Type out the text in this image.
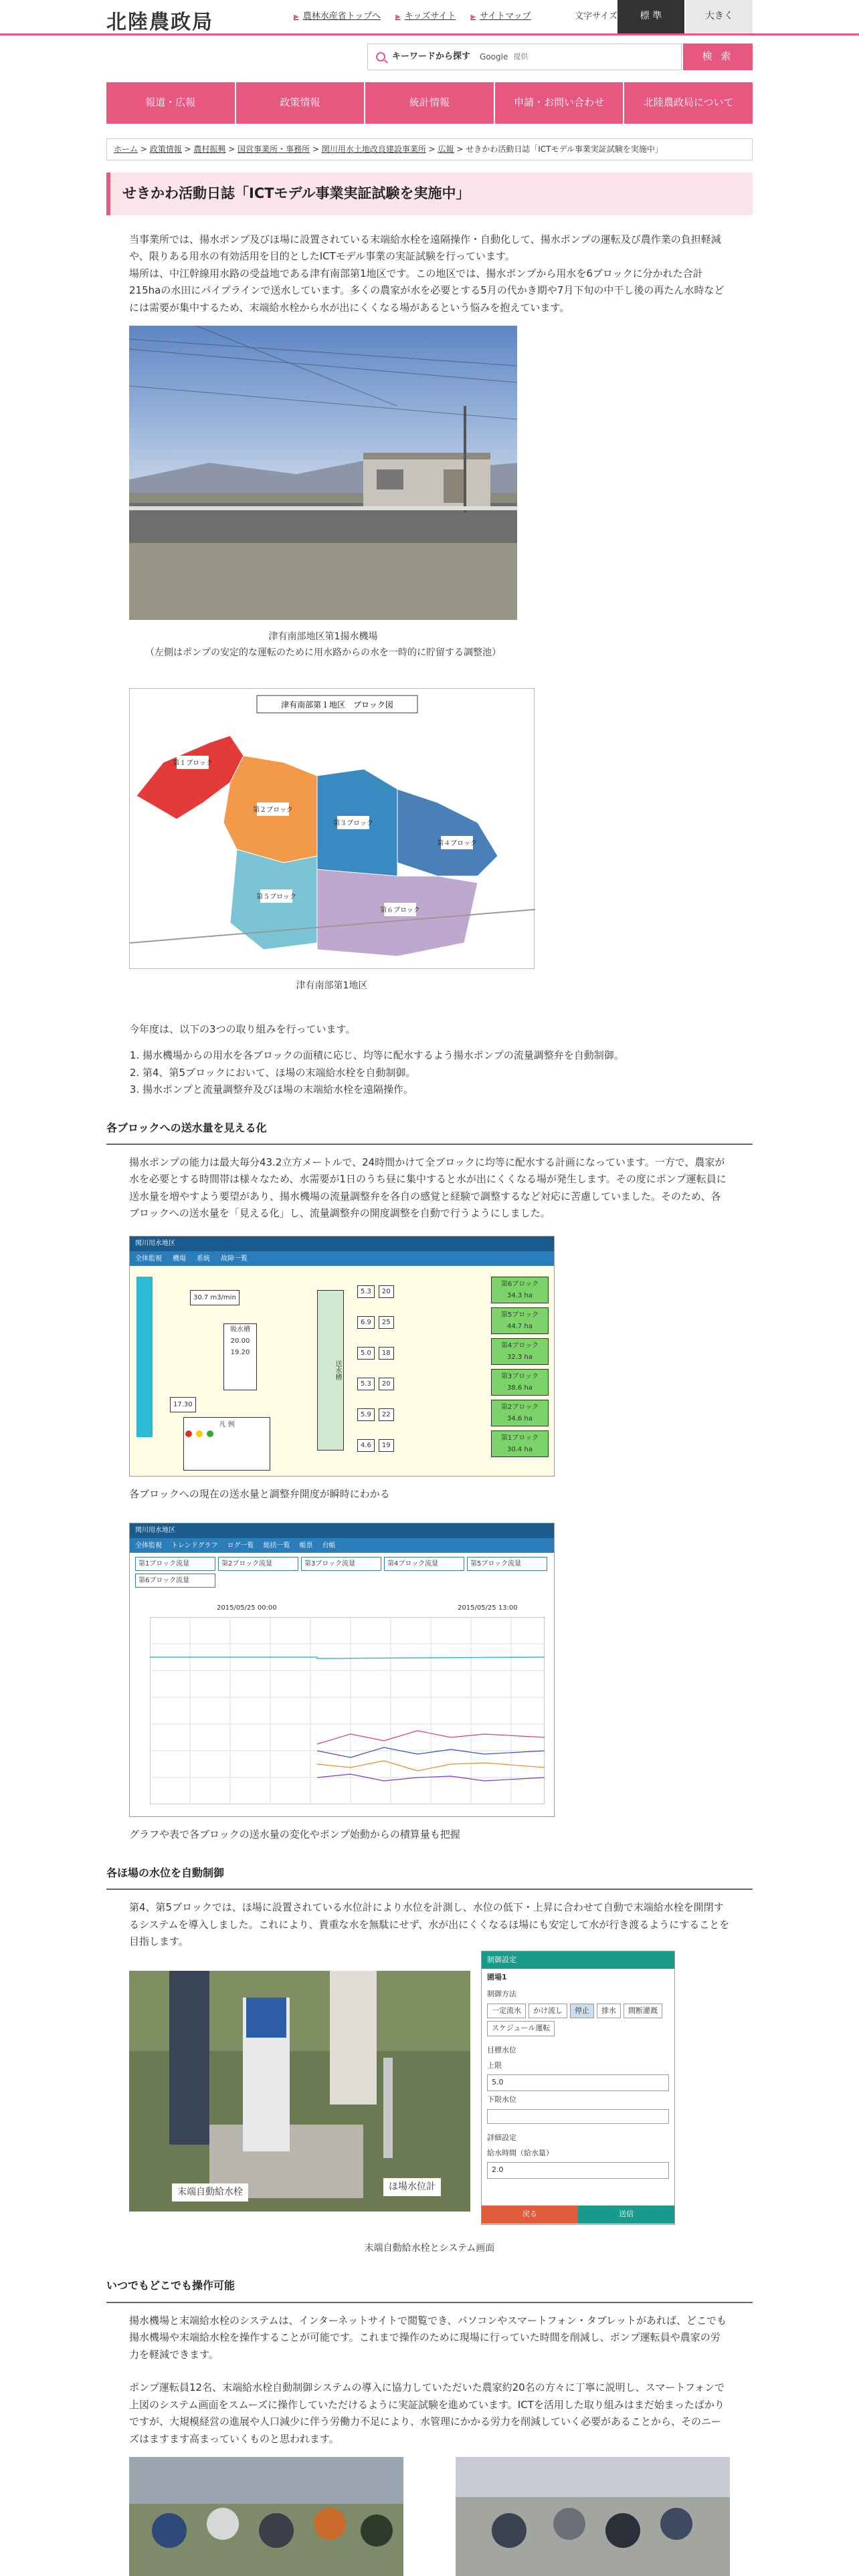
北陸農政局	▶ 農林水産省トップへ ▶ キッズサイト ▶ サイトマップ	文字サイズ	標 準	大きく
キーワードから探す Google 提供	検 索
報道・広報	政策情報	統計情報	申請・お問い合わせ	北陸農政局について
ホーム > 政策情報 > 農村振興 > 国営事業所・事務所 > 関川用水土地改良建設事業所 > 広報 > せきかわ活動日誌「ICTモデル事業実証試験を実施中」
せきかわ活動日誌「ICTモデル事業実証試験を実施中」

当事業所では、揚水ポンプ及びほ場に設置されている末端給水栓を遠隔操作・自動化して、揚水ポンプの運転及び農作業の負担軽減や、限りある用水の有効活用を目的としたICTモデル事業の実証試験を行っています。
場所は、中江幹線用水路の受益地である津有南部第1地区です。この地区では、揚水ポンプから用水を6ブロックに分かれた合計215haの水田にパイプラインで送水しています。多くの農家が水を必要とする5月の代かき期や7月下旬の中干し後の再たん水時などには需要が集中するため、末端給水栓から水が出にくくなる場があるという悩みを抱えています。

津有南部地区第1揚水機場
（左側はポンプの安定的な運転のために用水路からの水を一時的に貯留する調整池）
津有南部第１地区　ブロック図
第１ブロック
第２ブロック
第３ブロック
第４ブロック
第５ブロック
第６ブロック
津有南部第1地区

今年度は、以下の3つの取り組みを行っています。

1. 揚水機場からの用水を各ブロックの面積に応じ、均等に配水するよう揚水ポンプの流量調整弁を自動制御。
2. 第4、第5ブロックにおいて、ほ場の末端給水栓を自動制御。
3. 揚水ポンプと流量調整弁及びほ場の末端給水栓を遠隔操作。
各ブロックへの送水量を見える化

揚水ポンプの能力は最大毎分43.2立方メートルで、24時間かけて全ブロックに均等に配水する計画になっています。一方で、農家が水を必要とする時間帯は様々なため、水需要が1日のうち昼に集中すると水が出にくくなる場が発生します。その度にポンプ運転員に送水量を増やすよう要望があり、揚水機場の流量調整弁を各自の感覚と経験で調整するなど対応に苦慮していました。そのため、各ブロックへの送水量を「見える化」し、流量調整弁の開度調整を自動で行うようにしました。

関川用水地区
全体監視 機場 系統 故障一覧
30.7 m3/min
吸水槽
20.00
19.20
送水槽
17.30
凡 例
5.3	20
6.9	25
5.0	18
5.3	20
5.9	22
4.6	19
第6ブロック
34.3 ha
第5ブロック
44.7 ha
第4ブロック
32.3 ha
第3ブロック
38.6 ha
第2ブロック
34.6 ha
第1ブロック
30.4 ha

各ブロックへの現在の送水量と調整弁開度が瞬時にわかる

関川用水地区
全体監視 トレンドグラフ ログ一覧 総括一覧 帳票 台帳
第1ブロック流量	第2ブロック流量	第3ブロック流量	第4ブロック流量	第5ブロック流量
第6ブロック流量
2015/05/25 00:00	2015/05/25 13:00

グラフや表で各ブロックの送水量の変化やポンプ始動からの積算量も把握

各ほ場の水位を自動制御

第4、第5ブロックでは、ほ場に設置されている水位計により水位を計測し、水位の低下・上昇に合わせて自動で末端給水栓を開閉するシステムを導入しました。これにより、貴重な水を無駄にせず、水が出にくくなるほ場にも安定して水が行き渡るようにすることを目指します。

末端自動給水栓	ほ場水位計
制御設定
圃場1
制御方法
一定流水	かけ流し	停止	排水	間断灌漑
スケジュール運転
目標水位
上限
5.0
下限水位
詳細設定
給水時間（給水量）
2.0
戻る	送信
末端自動給水栓とシステム画面
いつでもどこでも操作可能

揚水機場と末端給水栓のシステムは、インターネットサイトで閲覧でき、パソコンやスマートフォン・タブレットがあれば、どこでも揚水機場や末端給水栓を操作することが可能です。これまで操作のために現場に行っていた時間を削減し、ポンプ運転員や農家の労力を軽減できます。

ポンプ運転員12名、末端給水栓自動制御システムの導入に協力していただいた農家約20名の方々に丁寧に説明し、スマートフォンで上図のシステム画面をスムーズに操作していただけるように実証試験を進めています。ICTを活用した取り組みはまだ始まったばかりですが、大規模経営の進展や人口減少に伴う労働力不足により、水管理にかかる労力を削減していく必要があることから、そのニーズはますます高まっていくものと思われます。
